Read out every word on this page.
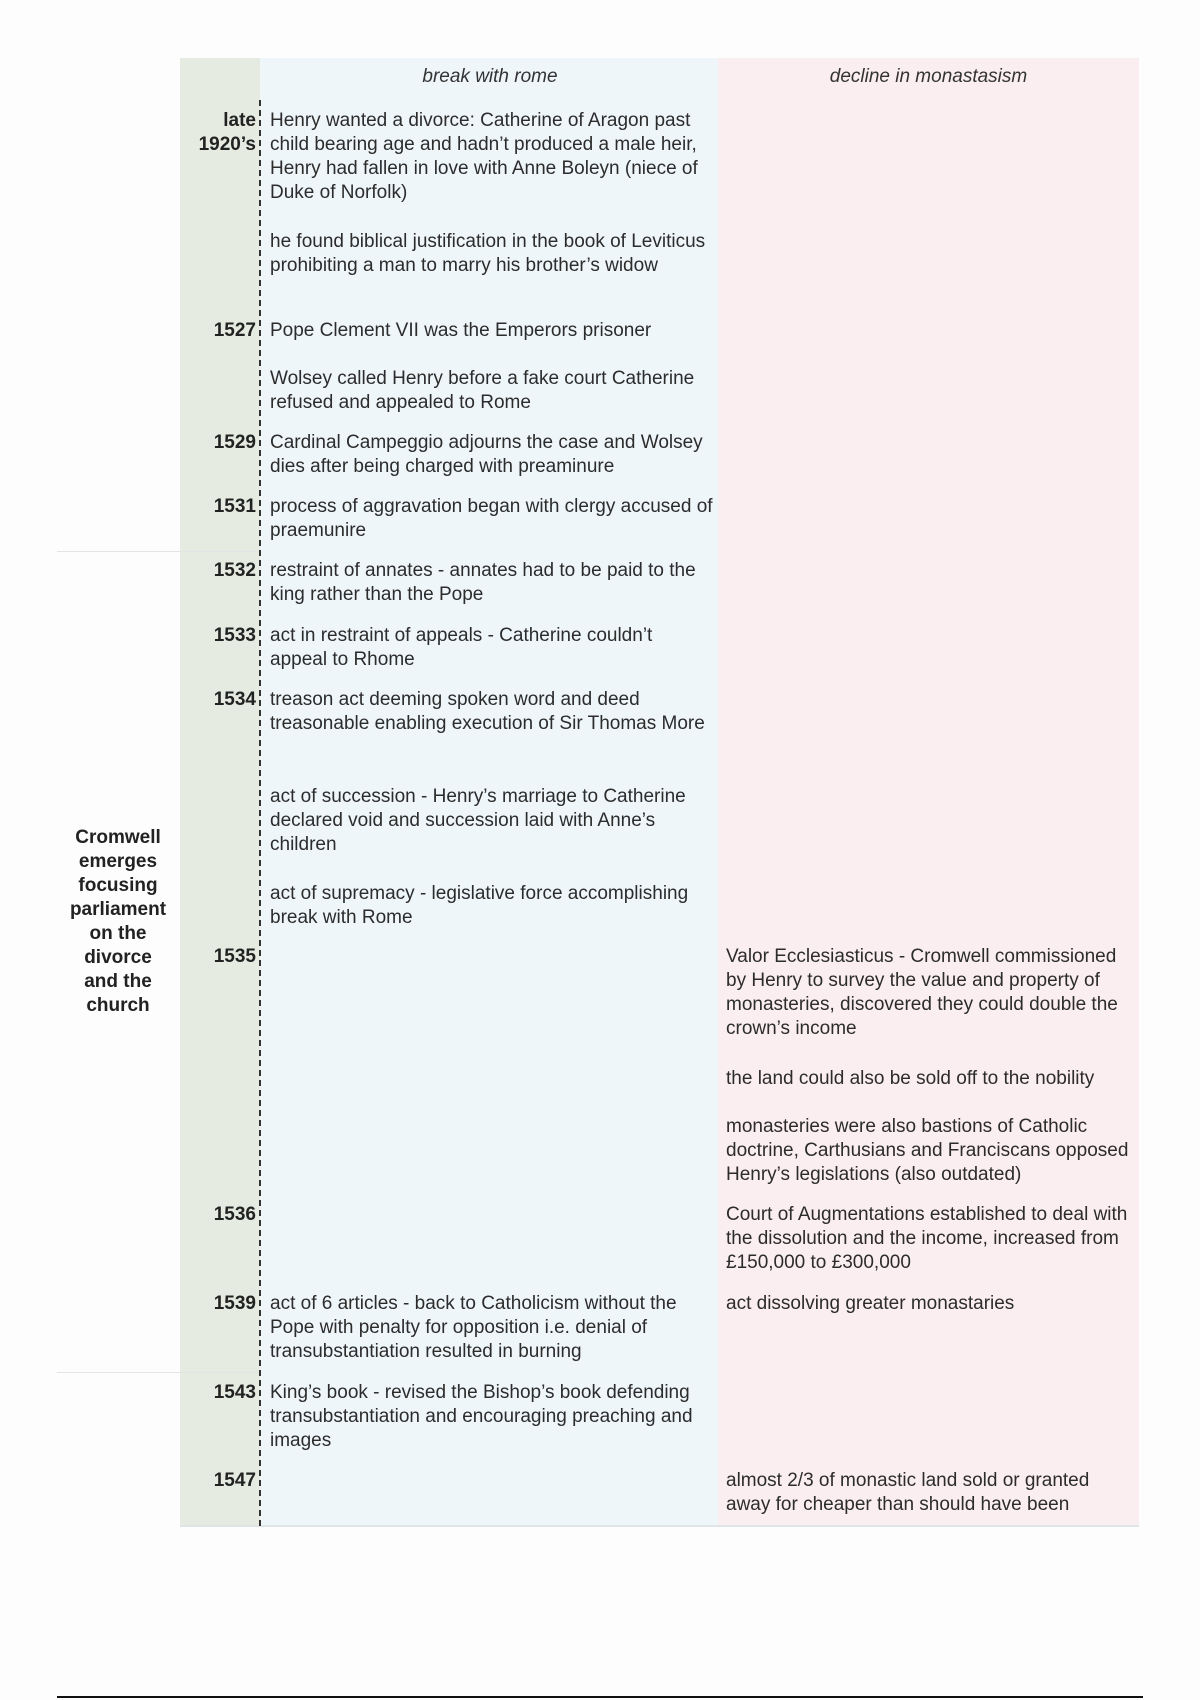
break with rome	decline in monastasism
Cromwell
emerges
focusing
parliament
on the
divorce
and the
church
late
1920’s
1527
1529
1531
1532
1533
1534
1535
1536
1539
1543
1547

Henry wanted a divorce: Catherine of Aragon past child bearing age and hadn’t produced a male heir, Henry had fallen in love with Anne Boleyn (niece of Duke of Norfolk)

he found biblical justification in the book of Leviticus prohibiting a man to marry his brother’s widow

Pope Clement VII was the Emperors prisoner

Wolsey called Henry before a fake court Catherine refused and appealed to Rome

Cardinal Campeggio adjourns the case and Wolsey dies after being charged with preaminure

process of aggravation began with clergy accused of praemunire

restraint of annates - annates had to be paid to the king rather than the Pope

act in restraint of appeals - Catherine couldn’t appeal to Rhome

treason act deeming spoken word and deed treasonable enabling execution of Sir Thomas More

act of succession - Henry’s marriage to Catherine declared void and succession laid with Anne’s children

act of supremacy - legislative force accomplishing break with Rome

act of 6 articles - back to Catholicism without the Pope with penalty for opposition i.e. denial of transubstantiation resulted in burning

King’s book - revised the Bishop’s book defending transubstantiation and encouraging preaching and images

Valor Ecclesiasticus - Cromwell commissioned by Henry to survey the value and property of monasteries, discovered they could double the crown’s income

the land could also be sold off to the nobility

monasteries were also bastions of Catholic doctrine, Carthusians and Franciscans opposed Henry’s legislations (also outdated)

Court of Augmentations established to deal with the dissolution and the income, increased from £150,000 to £300,000

act dissolving greater monastaries

almost 2/3 of monastic land sold or granted away for cheaper than should have been
